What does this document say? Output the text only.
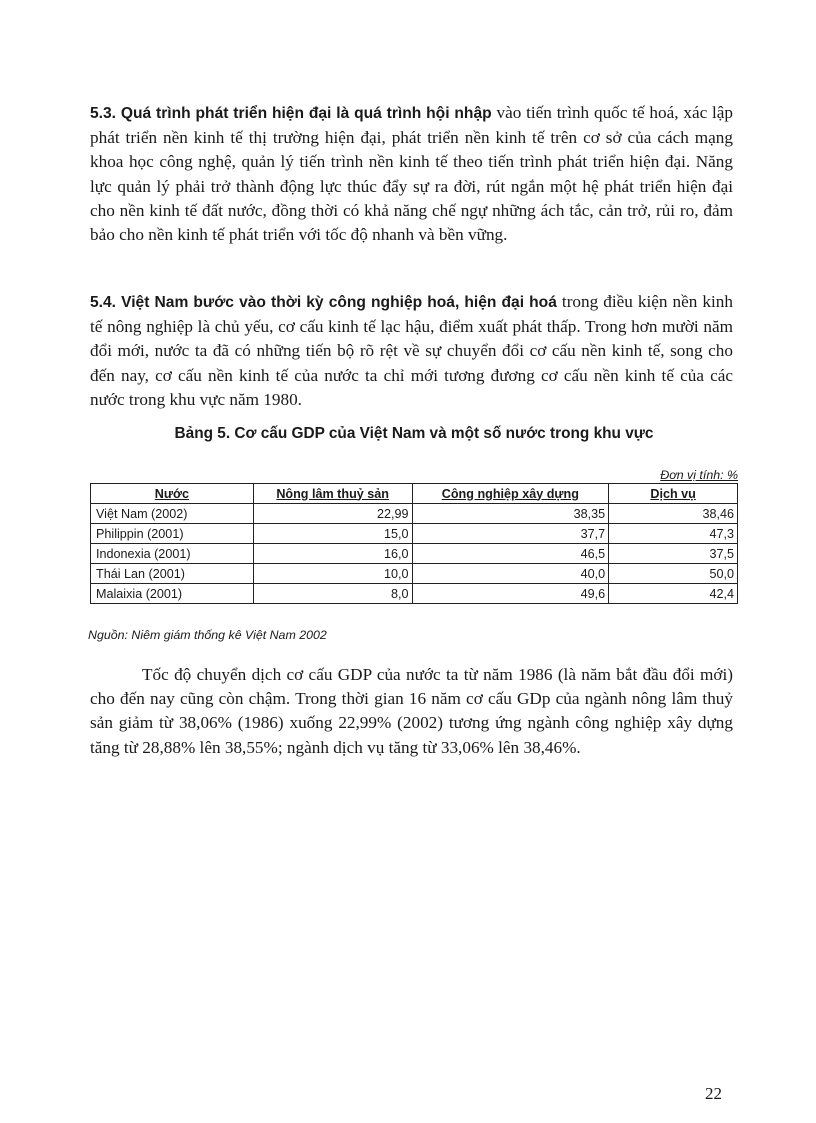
5.3. Quá trình phát triển hiện đại là quá trình hội nhập vào tiến trình quốc tế hoá, xác lập phát triển nền kinh tế thị trường hiện đại, phát triển nền kinh tế trên cơ sở của cách mạng khoa học công nghệ, quản lý tiến trình nền kinh tế theo tiến trình phát triển hiện đại. Năng lực quản lý phải trở thành động lực thúc đẩy sự ra đời, rút ngắn một hệ phát triển hiện đại cho nền kinh tế đất nước, đồng thời có khả năng chế ngự những ách tắc, cản trở, rủi ro, đảm bảo cho nền kinh tế phát triển với tốc độ nhanh và bền vững.

5.4. Việt Nam bước vào thời kỳ công nghiệp hoá, hiện đại hoá trong điều kiện nền kinh tế nông nghiệp là chủ yếu, cơ cấu kinh tế lạc hậu, điểm xuất phát thấp. Trong hơn mười năm đổi mới, nước ta đã có những tiến bộ rõ rệt về sự chuyển đổi cơ cấu nền kinh tế, song cho đến nay, cơ cấu nền kinh tế của nước ta chỉ mới tương đương cơ cấu nền kinh tế của các nước trong khu vực năm 1980.

Bảng 5. Cơ cấu GDP của Việt Nam và một số nước trong khu vực

Đơn vị tính: %
Nước	Nông lâm thuỷ sản	Công nghiệp xây dựng	Dịch vụ
Việt Nam (2002)	22,99	38,35	38,46
Philippin (2001)	15,0	37,7	47,3
Indonexia (2001)	16,0	46,5	37,5
Thái Lan (2001)	10,0	40,0	50,0
Malaixia (2001)	8,0	49,6	42,4

Nguồn: Niêm giám thống kê Việt Nam 2002

Tốc độ chuyển dịch cơ cấu GDP của nước ta từ năm 1986 (là năm bắt đầu đổi mới) cho đến nay cũng còn chậm. Trong thời gian 16 năm cơ cấu GDp của ngành nông lâm thuỷ sản giảm từ 38,06% (1986) xuống 22,99% (2002) tương ứng ngành công nghiệp xây dựng tăng từ 28,88% lên 38,55%; ngành dịch vụ tăng từ 33,06% lên 38,46%.

22
